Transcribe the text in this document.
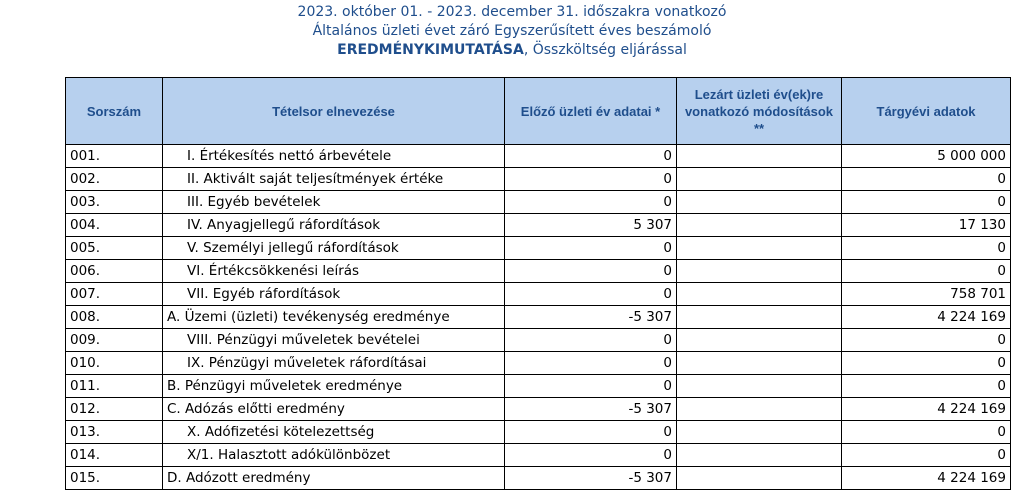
2023. október 01. - 2023. december 31. időszakra vonatkozó
Általános üzleti évet záró Egyszerűsített éves beszámoló
EREDMÉNYKIMUTATÁSA, Összköltség eljárással
Sorszám	Tételsor elnevezése	Előző üzleti év adatai *	Lezárt üzleti év(ek)re vonatkozó módosítások **	Tárgyévi adatok
001.	I. Értékesítés nettó árbevétele	0		5 000 000
002.	II. Aktivált saját teljesítmények értéke	0		0
003.	III. Egyéb bevételek	0		0
004.	IV. Anyagjellegű ráfordítások	5 307		17 130
005.	V. Személyi jellegű ráfordítások	0		0
006.	VI. Értékcsökkenési leírás	0		0
007.	VII. Egyéb ráfordítások	0		758 701
008.	A. Üzemi (üzleti) tevékenység eredménye	-5 307		4 224 169
009.	VIII. Pénzügyi műveletek bevételei	0		0
010.	IX. Pénzügyi műveletek ráfordításai	0		0
011.	B. Pénzügyi műveletek eredménye	0		0
012.	C. Adózás előtti eredmény	-5 307		4 224 169
013.	X. Adófizetési kötelezettség	0		0
014.	X/1. Halasztott adókülönbözet	0		0
015.	D. Adózott eredmény	-5 307		4 224 169
